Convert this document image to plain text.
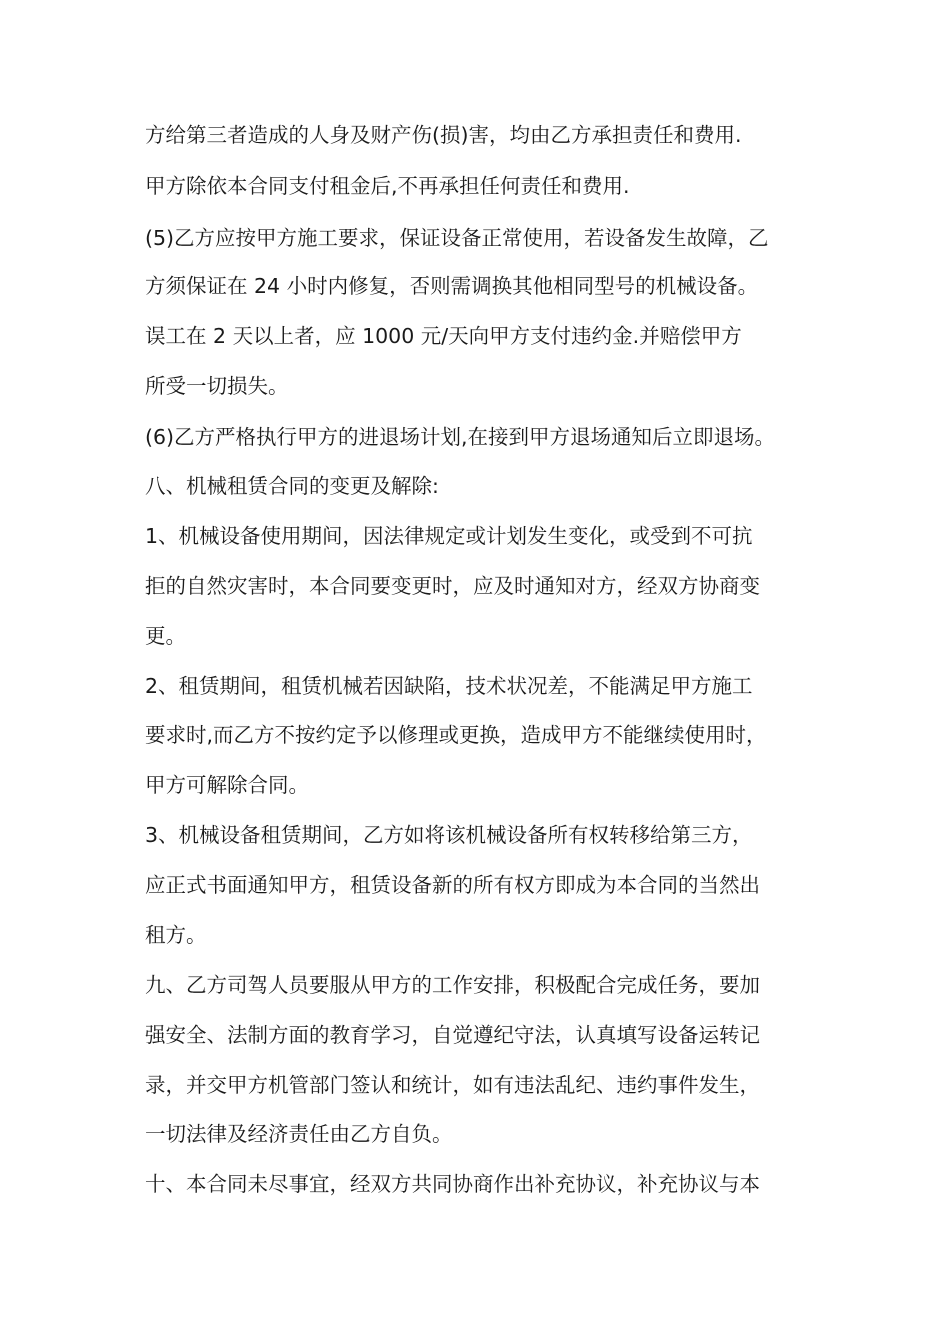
方给第三者造成的人身及财产伤(损)害，均由乙方承担责任和费用.
甲方除依本合同支付租金后,不再承担任何责任和费用.
(5)乙方应按甲方施工要求，保证设备正常使用，若设备发生故障，乙
方须保证在 24 小时内修复，否则需调换其他相同型号的机械设备。
误工在 2 天以上者，应 1000 元/天向甲方支付违约金.并赔偿甲方
所受一切损失。
(6)乙方严格执行甲方的进退场计划,在接到甲方退场通知后立即退场。
八、机械租赁合同的变更及解除:
1、机械设备使用期间，因法律规定或计划发生变化，或受到不可抗
拒的自然灾害时，本合同要变更时，应及时通知对方，经双方协商变
更。
2、租赁期间，租赁机械若因缺陷，技术状况差，不能满足甲方施工
要求时,而乙方不按约定予以修理或更换，造成甲方不能继续使用时，
甲方可解除合同。
3、机械设备租赁期间，乙方如将该机械设备所有权转移给第三方，
应正式书面通知甲方，租赁设备新的所有权方即成为本合同的当然出
租方。
九、乙方司驾人员要服从甲方的工作安排，积极配合完成任务，要加
强安全、法制方面的教育学习，自觉遵纪守法，认真填写设备运转记
录，并交甲方机管部门签认和统计，如有违法乱纪、违约事件发生，
一切法律及经济责任由乙方自负。
十、本合同未尽事宜，经双方共同协商作出补充协议，补充协议与本
